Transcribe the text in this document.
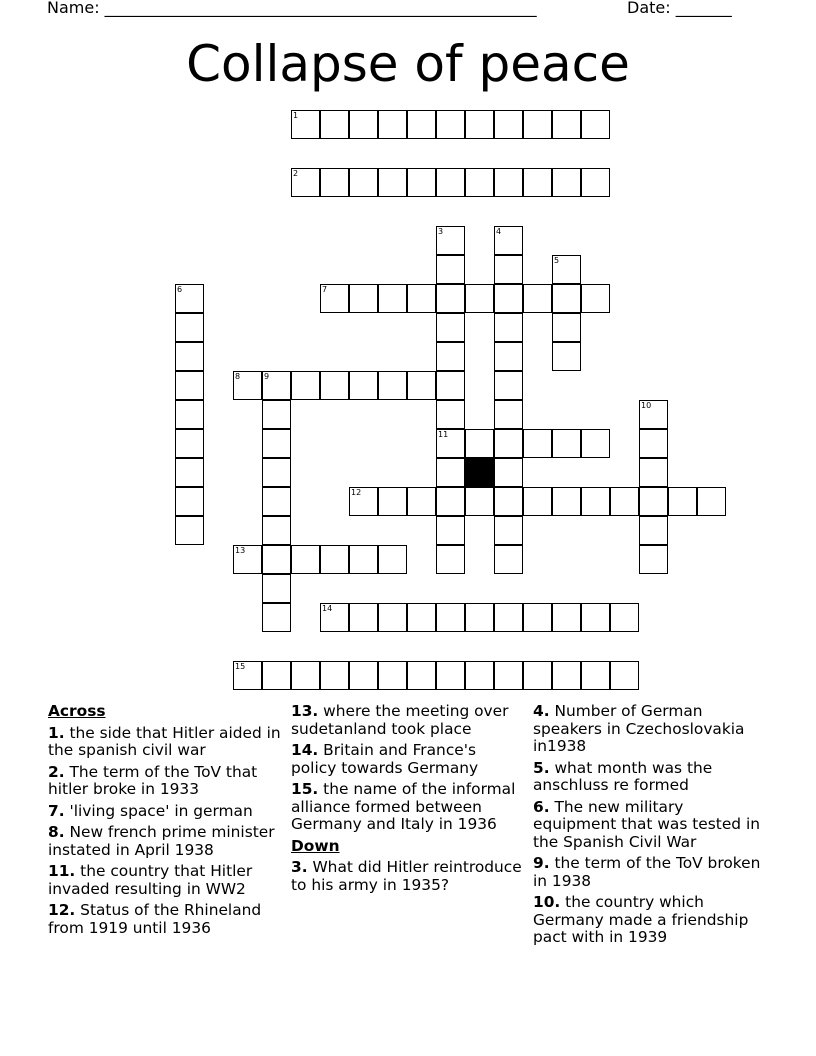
Name: ______________________________________________________	Date: _______
Collapse of peace
1
2
3
11
4
5
6	7
8	9
10
12
13
14
15
Across
1. the side that Hitler aided in the spanish civil war
2. The term of the ToV that hitler broke in 1933
7. 'living space' in german
8. New french prime minister instated in April 1938
11. the country that Hitler invaded resulting in WW2
12. Status of the Rhineland from 1919 until 1936
13. where the meeting over sudetanland took place
14. Britain and France's policy towards Germany
15. the name of the informal alliance formed between Germany and Italy in 1936
Down
3. What did Hitler reintroduce to his army in 1935?
4. Number of German speakers in Czechoslovakia in1938
5. what month was the anschluss re formed
6. The new military equipment that was tested in the Spanish Civil War
9. the term of the ToV broken in 1938
10. the country which Germany made a friendship pact with in 1939
